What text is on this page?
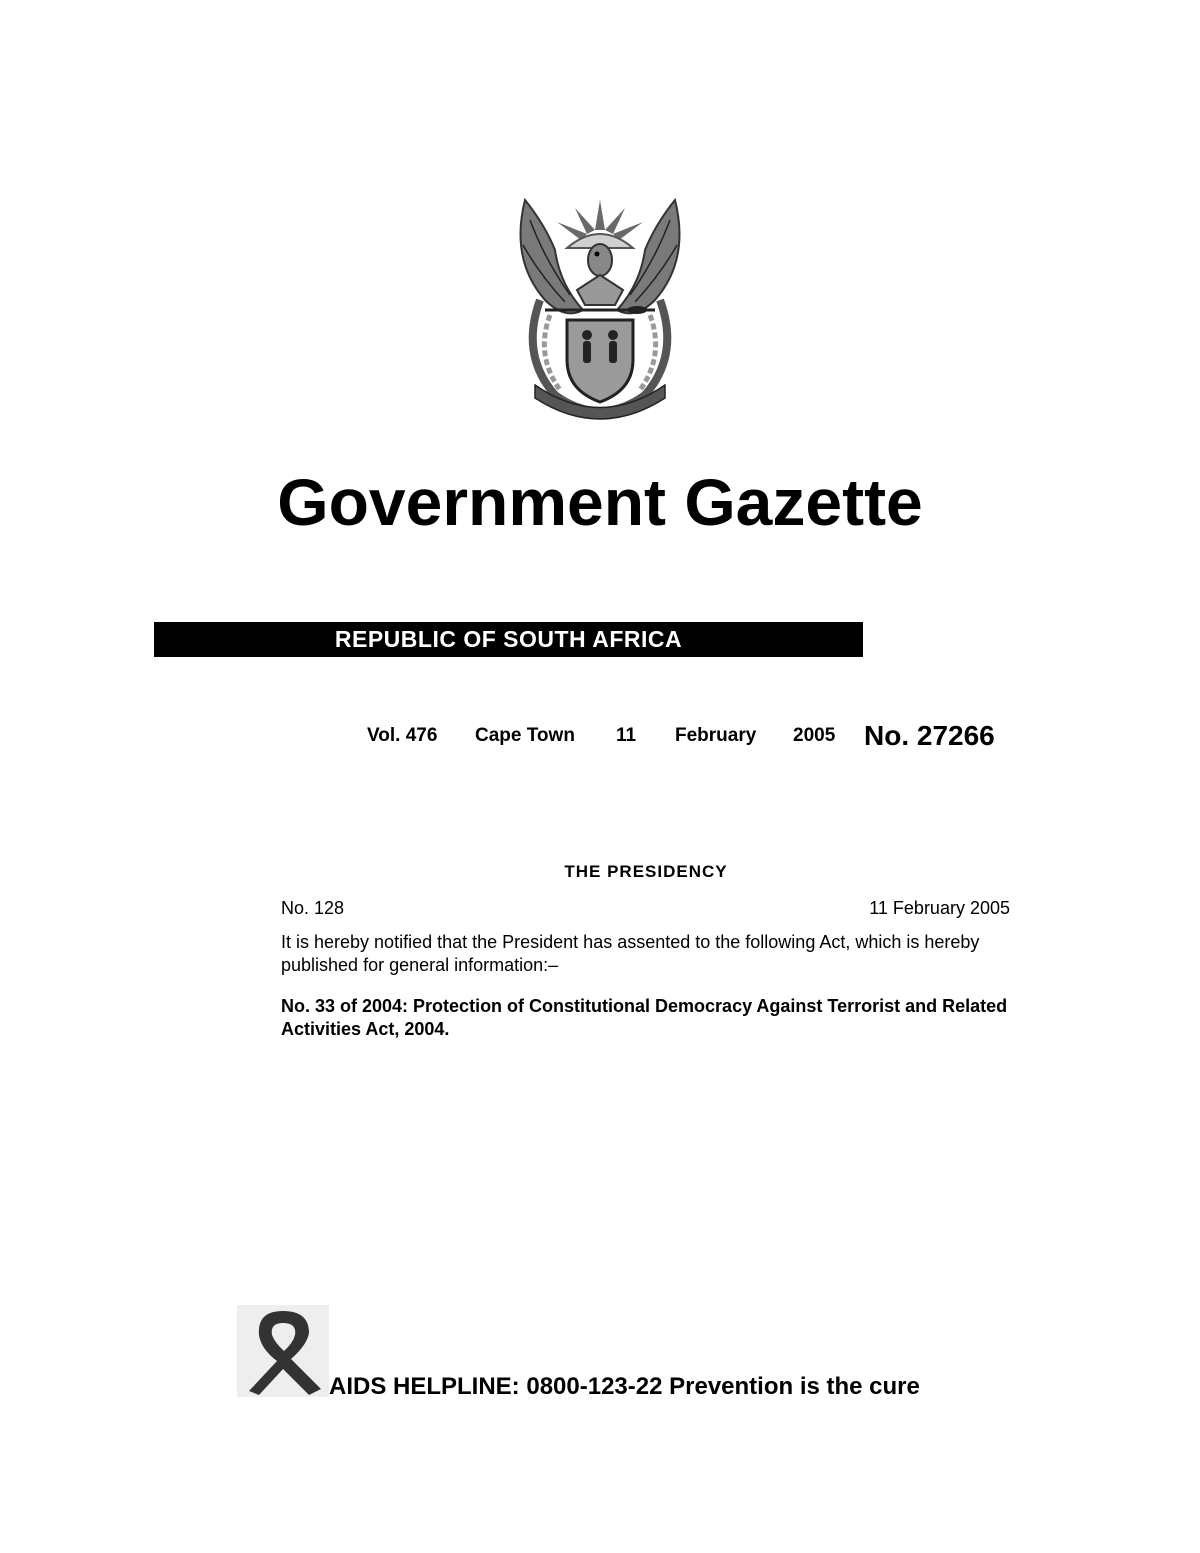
Government Gazette
REPUBLIC OF SOUTH AFRICA
Vol. 476 Cape Town 11 February 2005 No. 27266
THE PRESIDENCY
No. 128	11 February 2005
It is hereby notified that the President has assented to the following Act, which is hereby published for general information:–
No. 33 of 2004: Protection of Constitutional Democracy Against Terrorist and Related Activities Act, 2004.
AIDS HELPLINE: 0800-123-22 Prevention is the cure
